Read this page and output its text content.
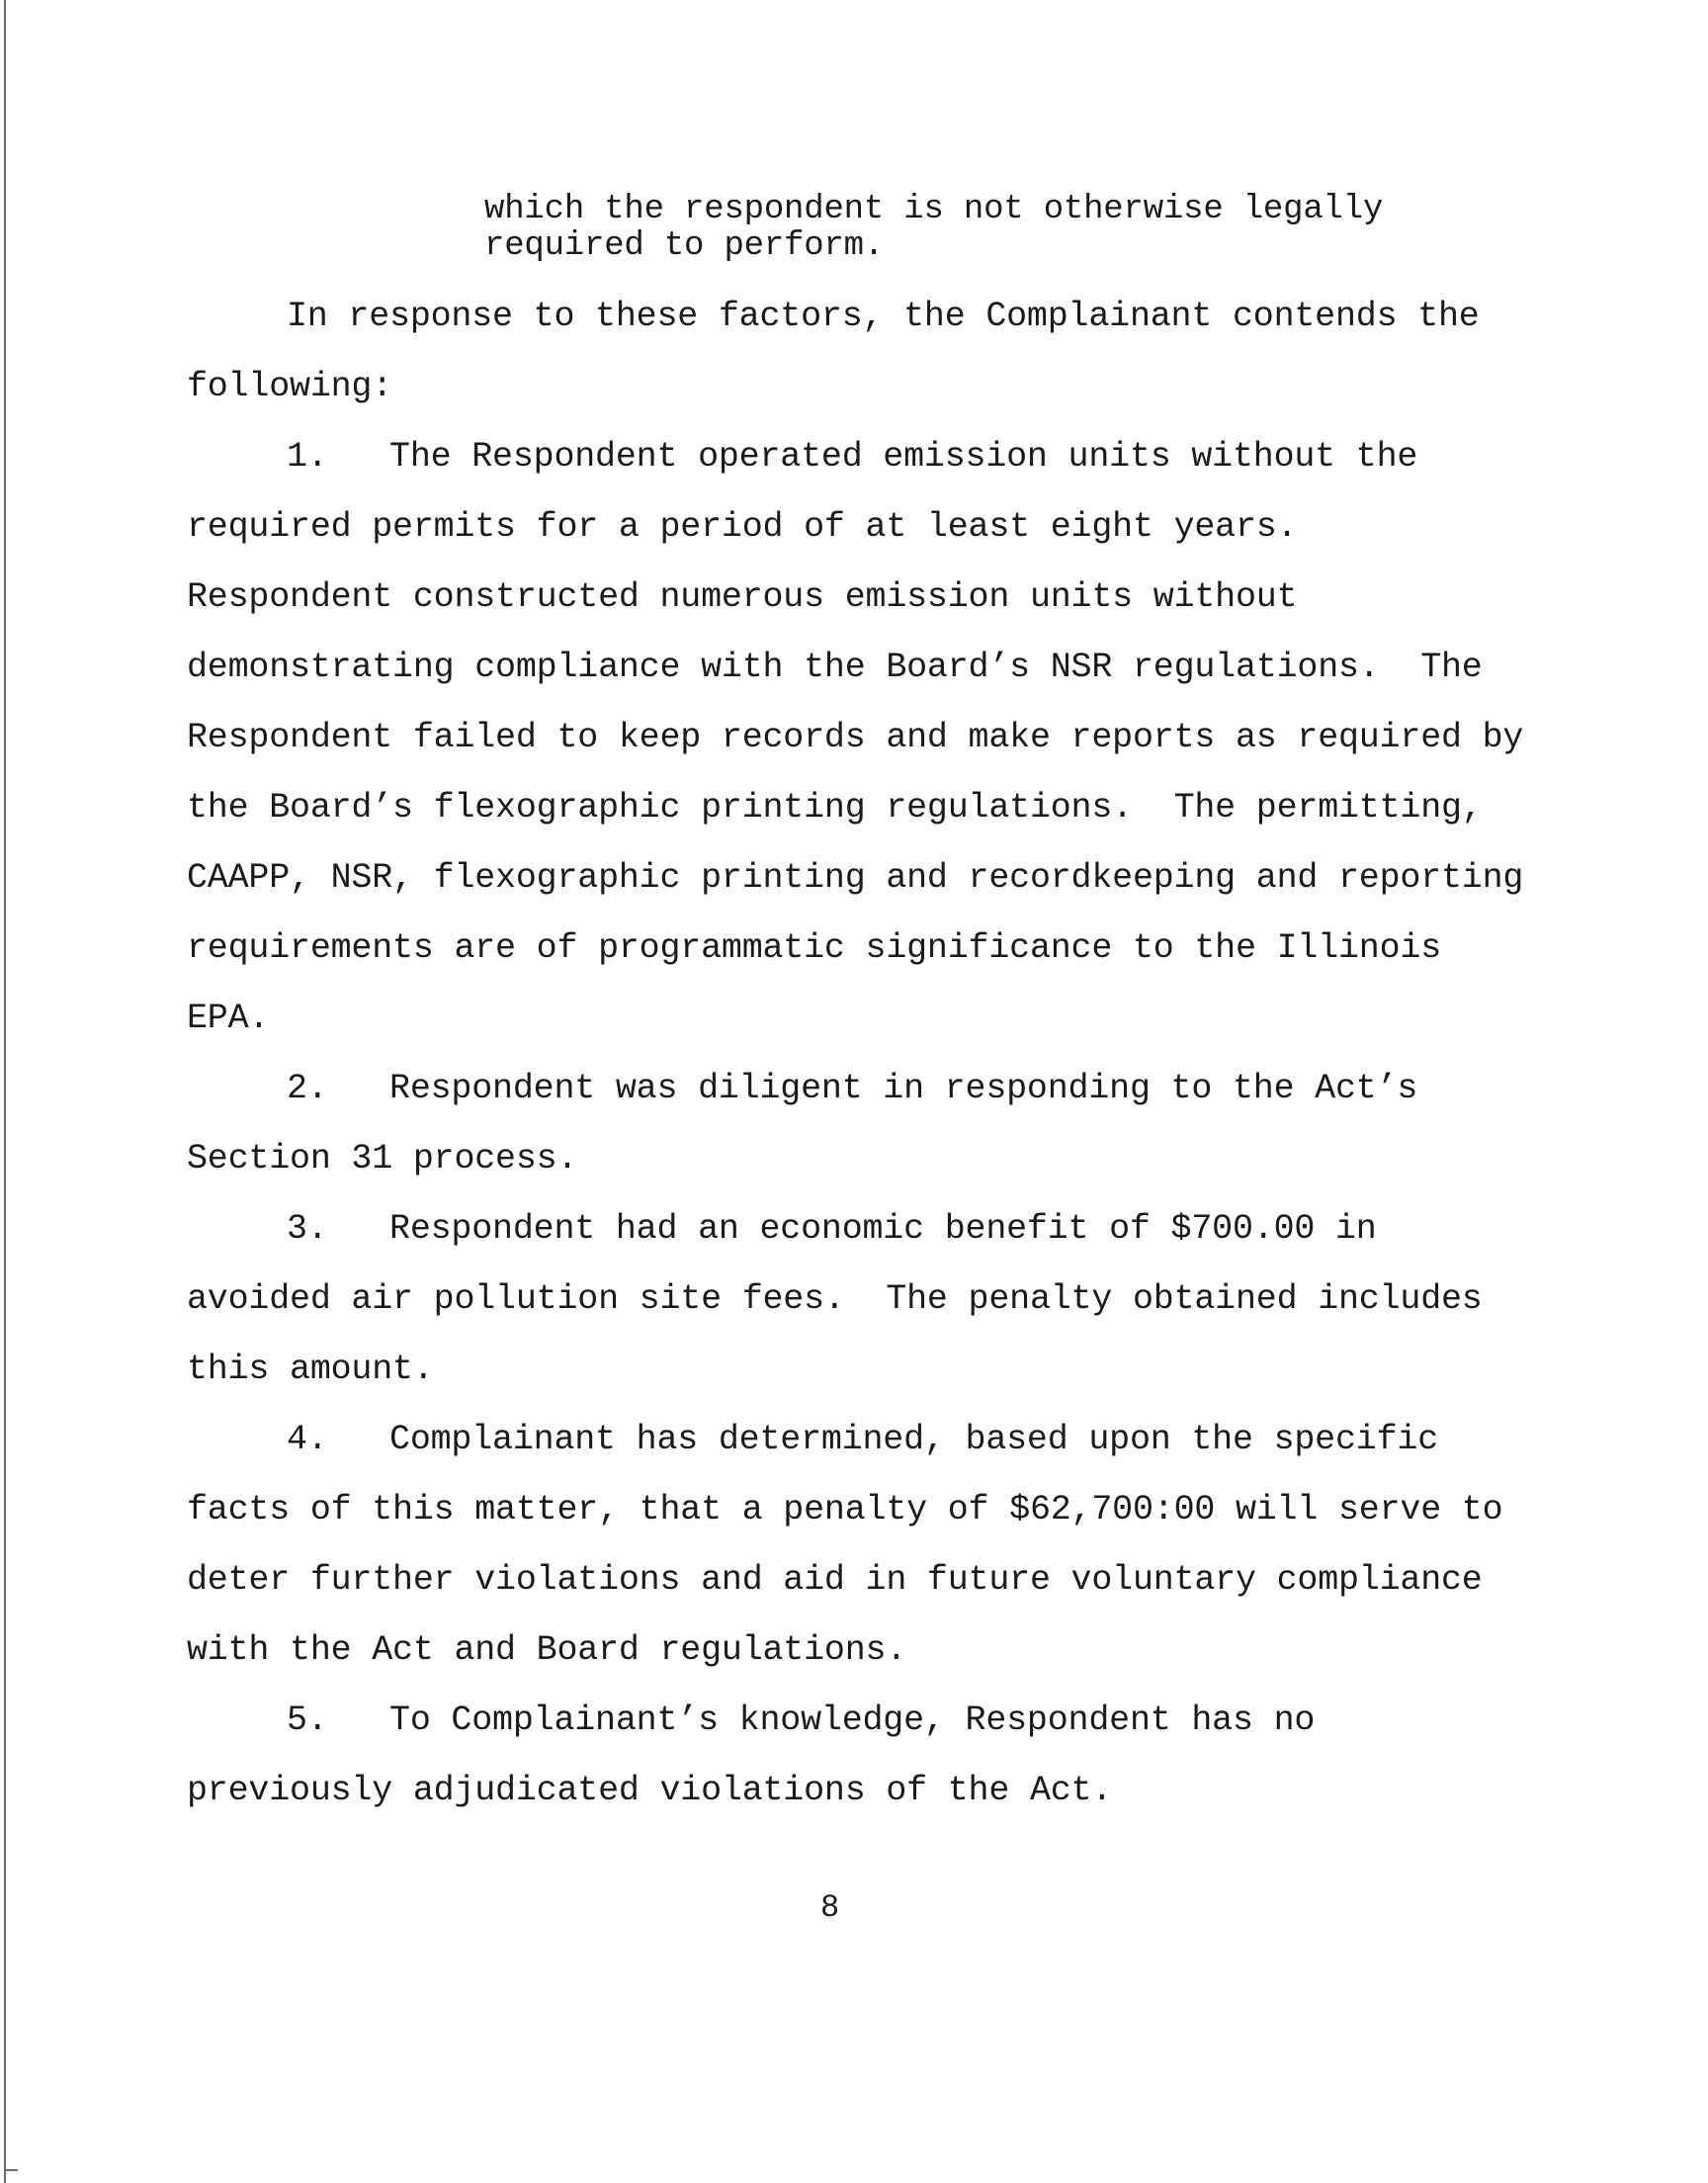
which the respondent is not otherwise legally
required to perform.
In response to these factors, the Complainant contends the
following:
1.   The Respondent operated emission units without the
required permits for a period of at least eight years.
Respondent constructed numerous emission units without
demonstrating compliance with the Board’s NSR regulations.  The
Respondent failed to keep records and make reports as required by
the Board’s flexographic printing regulations.  The permitting,
CAAPP, NSR, flexographic printing and recordkeeping and reporting
requirements are of programmatic significance to the Illinois
EPA.
2.   Respondent was diligent in responding to the Act’s
Section 31 process.
3.   Respondent had an economic benefit of $700.00 in
avoided air pollution site fees.  The penalty obtained includes
this amount.
4.   Complainant has determined, based upon the specific
facts of this matter, that a penalty of $62,700:00 will serve to
deter further violations and aid in future voluntary compliance
with the Act and Board regulations.
5.   To Complainant’s knowledge, Respondent has no
previously adjudicated violations of the Act.
8
